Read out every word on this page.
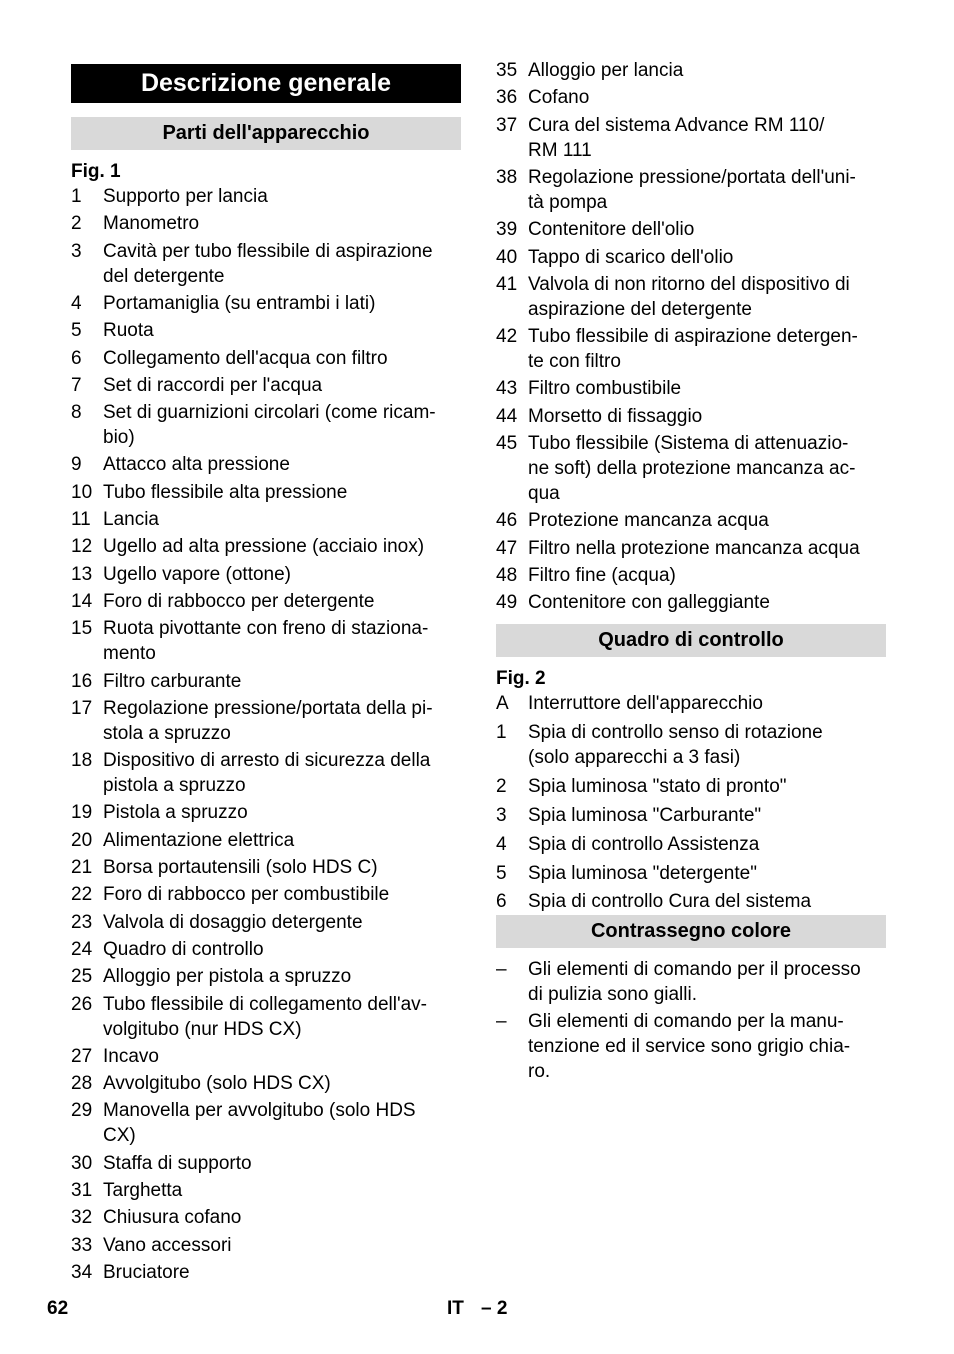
Descrizione generale
Parti dell'apparecchio
Fig. 1
1 Supporto per lancia
2 Manometro
3 Cavità per tubo flessibile di aspirazione
del detergente
4 Portamaniglia (su entrambi i lati)
5 Ruota
6 Collegamento dell'acqua con filtro
7 Set di raccordi per l'acqua
8 Set di guarnizioni circolari (come ricam-
bio)
9 Attacco alta pressione
10 Tubo flessibile alta pressione
11 Lancia
12 Ugello ad alta pressione (acciaio inox)
13 Ugello vapore (ottone)
14 Foro di rabbocco per detergente
15 Ruota pivottante con freno di staziona-
mento
16 Filtro carburante
17 Regolazione pressione/portata della pi-
stola a spruzzo
18 Dispositivo di arresto di sicurezza della
pistola a spruzzo
19 Pistola a spruzzo
20 Alimentazione elettrica
21 Borsa portautensili (solo HDS C)
22 Foro di rabbocco per combustibile
23 Valvola di dosaggio detergente
24 Quadro di controllo
25 Alloggio per pistola a spruzzo
26 Tubo flessibile di collegamento dell'av-
volgitubo (nur HDS CX)
27 Incavo
28 Avvolgitubo (solo HDS CX)
29 Manovella per avvolgitubo (solo HDS
CX)
30 Staffa di supporto
31 Targhetta
32 Chiusura cofano
33 Vano accessori
34 Bruciatore
Quadro di controllo
Fig. 2
Contrassegno colore
35 Alloggio per lancia
36 Cofano
37 Cura del sistema Advance RM 110/
RM 111
38 Regolazione pressione/portata dell'uni-
tà pompa
39 Contenitore dell'olio
40 Tappo di scarico dell'olio
41 Valvola di non ritorno del dispositivo di
aspirazione del detergente
42 Tubo flessibile di aspirazione detergen-
te con filtro
43 Filtro combustibile
44 Morsetto di fissaggio
45 Tubo flessibile (Sistema di attenuazio-
ne soft) della protezione mancanza ac-
qua
46 Protezione mancanza acqua
47 Filtro nella protezione mancanza acqua
48 Filtro fine (acqua)
49 Contenitore con galleggiante
A Interruttore dell'apparecchio
1 Spia di controllo senso di rotazione
(solo apparecchi a 3 fasi)
2 Spia luminosa "stato di pronto"
3 Spia luminosa "Carburante"
4 Spia di controllo Assistenza
5 Spia luminosa "detergente"
6 Spia di controllo Cura del sistema
– Gli elementi di comando per il processo
di pulizia sono gialli.
– Gli elementi di comando per la manu-
tenzione ed il service sono grigio chia-
ro.
62	IT – 2
